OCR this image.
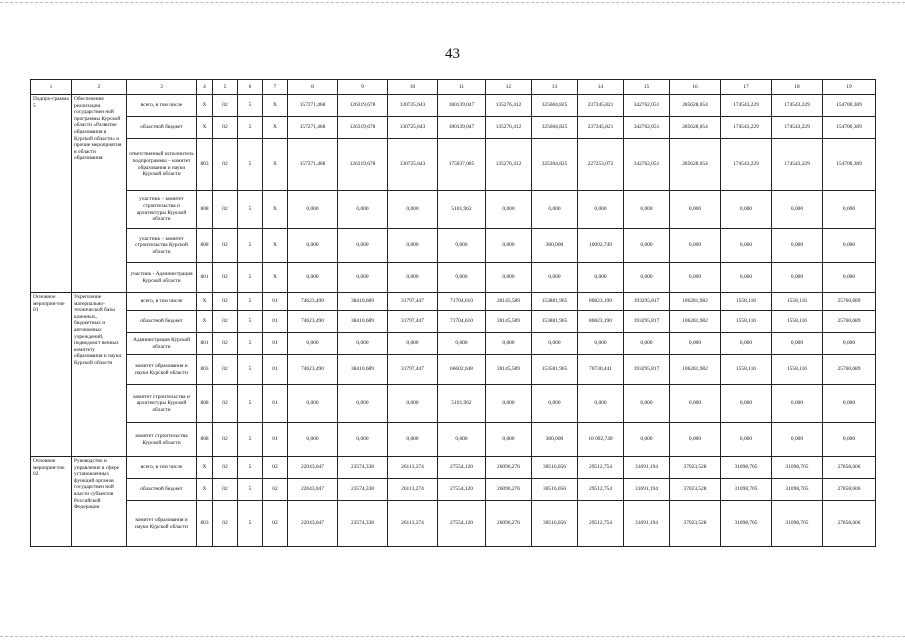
43
1	2	3	4	5	6	7	8	9	10	11	12	13	14	15	16	17	18	19
Подпро-грамма 5	Обеспечение реализации государствен ной программы Курской области «Развитие образования в Курской области» и прочие мероприятия в области образования	всего, в том числе	X	02	5	X	157271,468	126319,678	130725,643	180139,047	135276,412	325604,825	237345,821	342762,051	285628,054	174543,229	174543,229	154700,389
		областной бюджет	X	02	5	X	157271,468	126319,678	130725,643	180139,047	135276,412	325604,825	237345,821	342762,051	285628,054	174543,229	174543,229	154700,389
		ответственный исполнитель подпрограммы – комитет образования и науки Курской области	803	02	5	X	157271,468	126319,678	130725,643	175037,085	135276,412	325304,825	227253,072	342762,051	285628,054	174543,229	174543,229	154700,389
		участник – комитет строительства и архитектуры Курской области	808	02	5	X	0,000	0,000	0,000	5101,962	0,000	0,000	0,000	0,000	0,000	0,000	0,000	0,000
		участник – комитет строительства Курской области	808	02	5	X	0,000	0,000	0,000	0,000	0,000	300,000	10092,749	0,000	0,000	0,000	0,000	0,000
		участник - Администрация Курской области	801	02	5	X	0,000	0,000	0,000	0,000	0,000	0,000	0,000	0,000	0,000	0,000	0,000	0,000
Основное мероприя-тие 01	Укрепление материально-технической базы казенных, бюджетных и автономных учреждений, подведомст венных комитету образования и науки Курской области	всего, в том числе	X	02	5	01	74623,490	38410,689	31797,447	71704,610	28145,589	153881,965	80823,190	193295,817	106281,982	1558,116	1558,116	25760,689
		областной бюджет	X	02	5	01	74623,490	38410,689	31797,447	71704,610	28145,589	153881,965	80823,190	193295,817	106281,982	1558,116	1558,116	25760,689
		Администрация Курской области	801	02	5	01	0,000	0,000	0,000	0,000	0,000	0,000	0,000	0,000	0,000	0,000	0,000	0,000
		комитет образования и науки Курской области	803	02	5	01	74623,490	38410,689	31797,447	66602,648	28145,589	153581,965	70730,441	193295,817	106281,982	1558,116	1558,116	25760,689
		комитет строительства и архитектуры Курской области	808	02	5	01	0,000	0,000	0,000	5101,962	0,000	0,000	0,000	0,000	0,000	0,000	0,000	0,000
		комитет строительства Курской области	808	02	5	01	0,000	0,000	0,000	0,000	0,000	300,000	10 092,749	0,000	0,000	0,000	0,000	0,000
Основное мероприя-тие 02	Руководство и управление в сфере установленных функций органов государствен ной власти субъектов Российской Федерации	всего, в том числе	X	02	5	02	22043,047	23574,338	26113,274	27554,120	26096,276	30516,056	29512,754	31691,194	37023,528	31098,705	31098,705	27858,606
		областной бюджет	X	02	5	02	22043,047	23574,338	26113,274	27554,120	26096,276	30516,056	29512,754	31691,194	37023,528	31098,705	31098,705	27858,606
		комитет образования и науки Курской области	803	02	5	02	22043,047	23574,338	26113,274	27554,120	26096,276	30516,056	29512,754	31691,194	37023,528	31098,705	31098,705	27858,606
